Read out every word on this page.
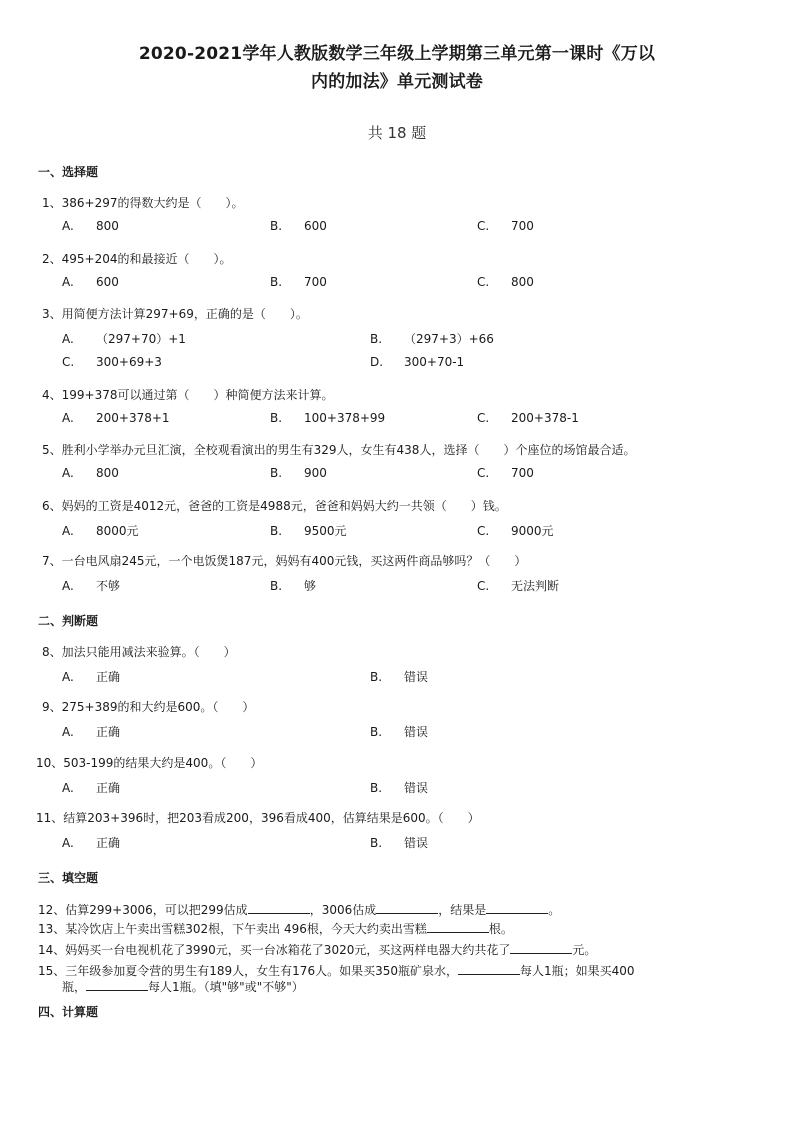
2020-2021学年人教版数学三年级上学期第三单元第一课时《万以
内的加法》单元测试卷
共 18 题
一、选择题
1、386+297的得数大约是（　　）。
A. 800	B. 600	C. 700
2、495+204的和最接近（　　）。
A. 600	B. 700	C. 800
3、用简便方法计算297+69，正确的是（　　）。
A. （297+70）+1	B. （297+3）+66
C. 300+69+3	D. 300+70-1
4、199+378可以通过第（　　）种简便方法来计算。
A. 200+378+1	B. 100+378+99	C. 200+378-1
5、胜利小学举办元旦汇演，全校观看演出的男生有329人，女生有438人，选择（　　）个座位的场馆最合适。
A. 800	B. 900	C. 700
6、妈妈的工资是4012元，爸爸的工资是4988元，爸爸和妈妈大约一共领（　　）钱。
A. 8000元	B. 9500元	C. 9000元
7、一台电风扇245元，一个电饭煲187元，妈妈有400元钱，买这两件商品够吗？（　　）
A. 不够	B. 够	C. 无法判断
二、判断题
8、加法只能用减法来验算。（　　）
A. 正确	B. 错误
9、275+389的和大约是600。（　　）
A. 正确	B. 错误
10、503-199的结果大约是400。（　　）
A. 正确	B. 错误
11、结算203+396时，把203看成200，396看成400，估算结果是600。（　　）
A. 正确	B. 错误
三、填空题
12、估算299+3006，可以把299估成	，3006估成	，结果是	。
13、某冷饮店上午卖出雪糕302根，下午卖出 496根，今天大约卖出雪糕	根。
14、妈妈买一台电视机花了3990元，买一台冰箱花了3020元，买这两样电器大约共花了	元。
15、三年级参加夏令营的男生有189人，女生有176人。如果买350瓶矿泉水，	每人1瓶；如果买400
瓶，	每人1瓶。（填"够"或"不够"）
四、计算题
